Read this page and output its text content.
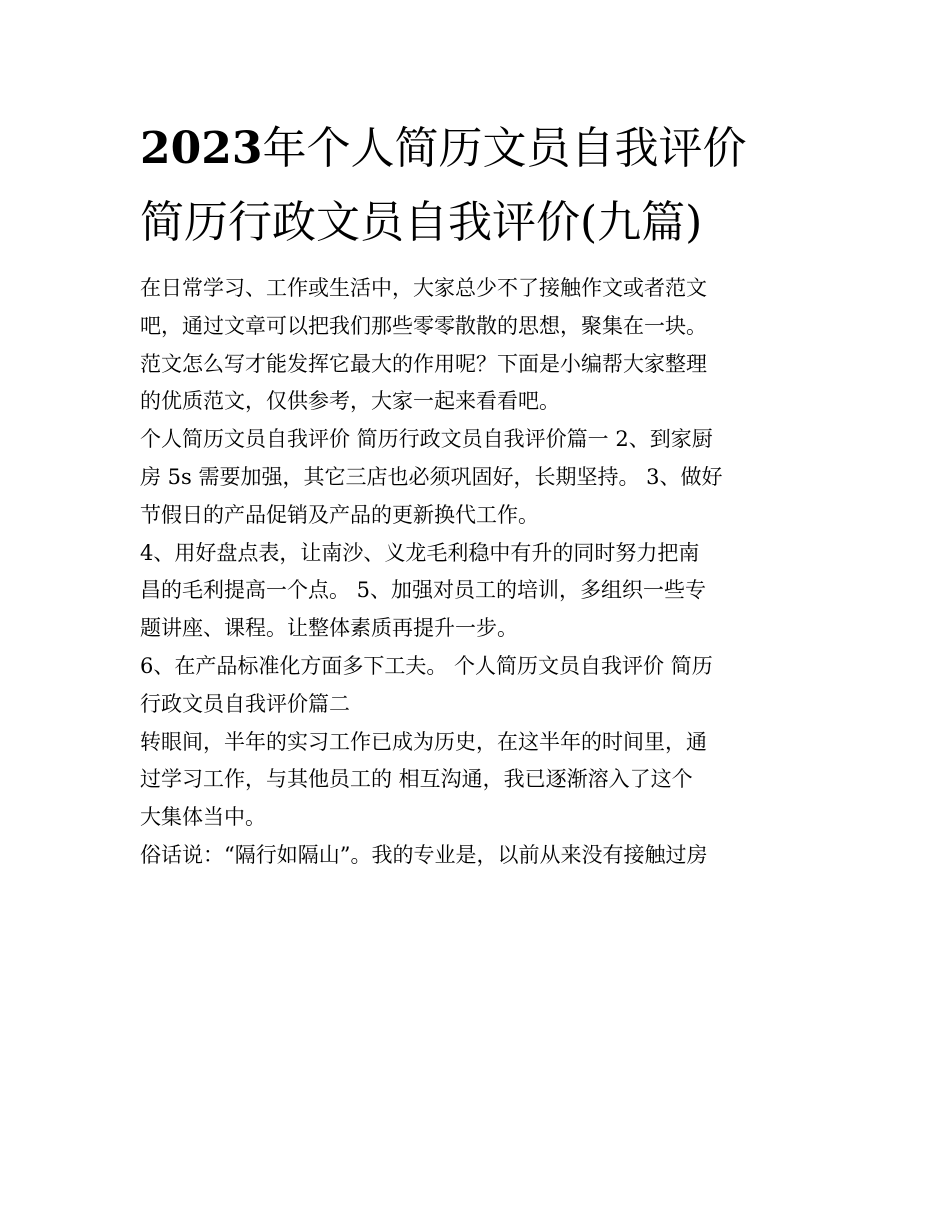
2023年个人简历文员自我评价
简历行政文员自我评价(九篇)
在日常学习、工作或生活中，大家总少不了接触作文或者范文
吧，通过文章可以把我们那些零零散散的思想，聚集在一块。
范文怎么写才能发挥它最大的作用呢？下面是小编帮大家整理
的优质范文，仅供参考，大家一起来看看吧。
个人简历文员自我评价 简历行政文员自我评价篇一 2、到家厨
房 5s 需要加强，其它三店也必须巩固好，长期坚持。 3、做好
节假日的产品促销及产品的更新换代工作。
4、用好盘点表，让南沙、义龙毛利稳中有升的同时努力把南
昌的毛利提高一个点。 5、加强对员工的培训，多组织一些专
题讲座、课程。让整体素质再提升一步。
6、在产品标准化方面多下工夫。 个人简历文员自我评价 简历
行政文员自我评价篇二
转眼间，半年的实习工作已成为历史，在这半年的时间里，通
过学习工作，与其他员工的 相互沟通，我已逐渐溶入了这个
大集体当中。
俗话说：“隔行如隔山”。我的专业是，以前从来没有接触过房
